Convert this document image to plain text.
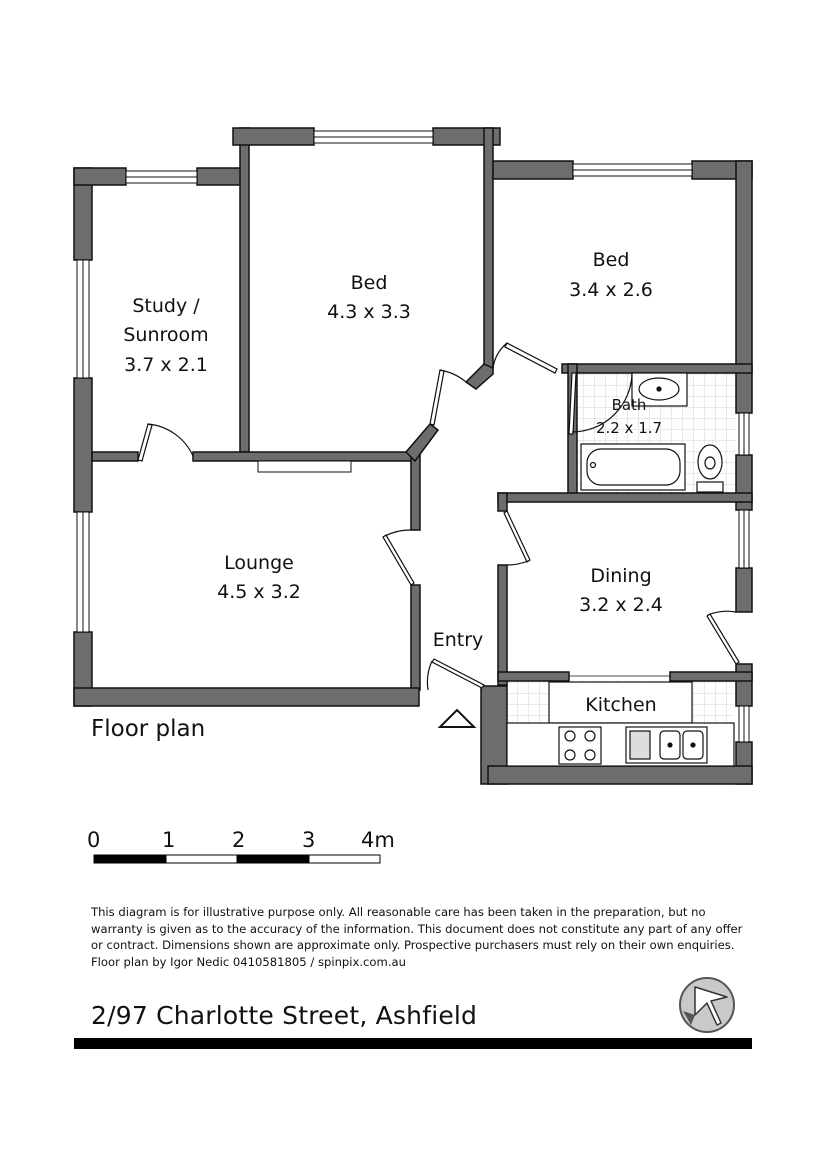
Study /
Sunroom
3.7 x 2.1
Bed
4.3 x 3.3
Bed
3.4 x 2.6
Bath
2.2 x 1.7
Lounge
4.5 x 3.2
Dining
3.2 x 2.4
Entry
Kitchen
0	1	2	3 4m
Floor plan

This diagram is for illustrative purpose only. All reasonable care has been taken in the preparation, but no

warranty is given as to the accuracy of the information. This document does not constitute any part of any offer

or contract. Dimensions shown are approximate only. Prospective purchasers must rely on their own enquiries.

Floor plan by Igor Nedic 0410581805 / spinpix.com.au

2/97 Charlotte Street, Ashfield
